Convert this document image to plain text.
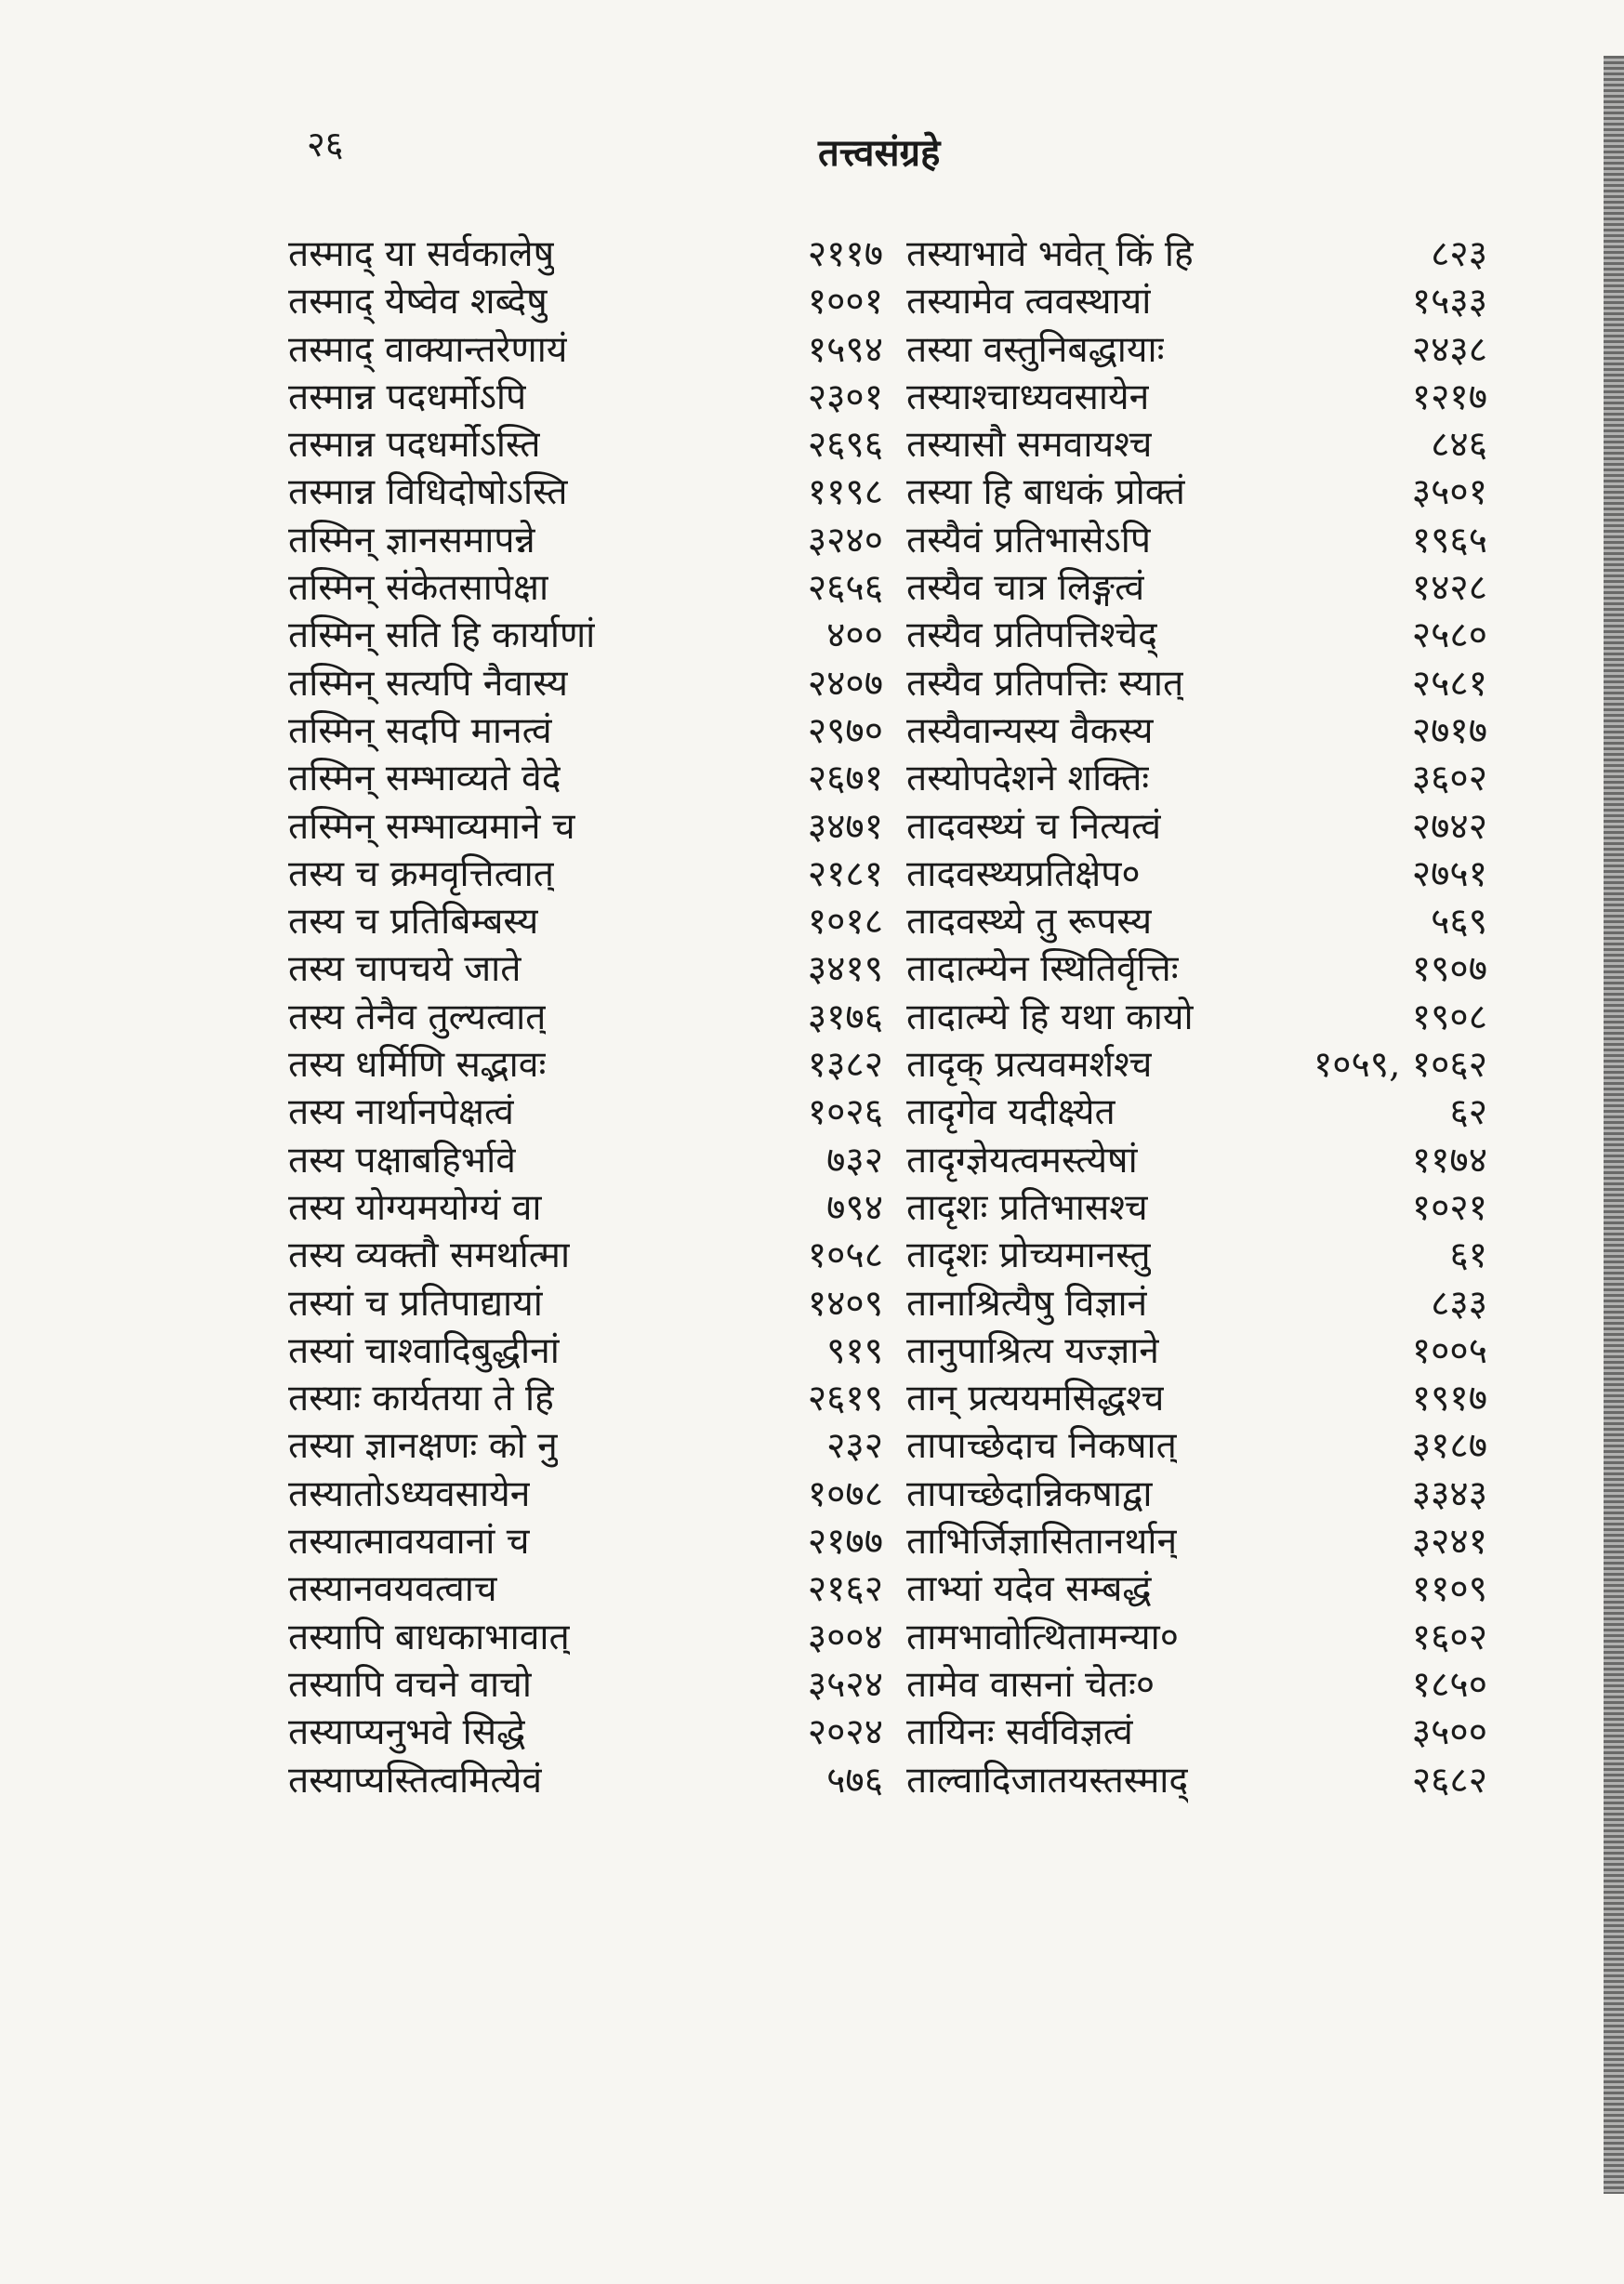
२६	तत्त्वसंग्रहे
तस्माद् या सर्वकालेषु	२११७
तस्माद् येष्वेव शब्देषु	१००१
तस्माद् वाक्यान्तरेणायं	१५९४
तस्मान्न पदधर्मोऽपि	२३०१
तस्मान्न पदधर्मोऽस्ति	२६९६
तस्मान्न विधिदोषोऽस्ति	११९८
तस्मिन् ज्ञानसमापन्ने	३२४०
तस्मिन् संकेतसापेक्षा	२६५६
तस्मिन् सति हि कार्याणां	४००
तस्मिन् सत्यपि नैवास्य	२४०७
तस्मिन् सदपि मानत्वं	२९७०
तस्मिन् सम्भाव्यते वेदे	२६७१
तस्मिन् सम्भाव्यमाने च	३४७१
तस्य च क्रमवृत्तित्वात्	२१८१
तस्य च प्रतिबिम्बस्य	१०१८
तस्य चापचये जाते	३४१९
तस्य तेनैव तुल्यत्वात्	३१७६
तस्य धर्मिणि सद्भावः	१३८२
तस्य नार्थानपेक्षत्वं	१०२६
तस्य पक्षाबहिर्भावे	७३२
तस्य योग्यमयोग्यं वा	७९४
तस्य व्यक्तौ समर्थात्मा	१०५८
तस्यां च प्रतिपाद्यायां	१४०९
तस्यां चाश्वादिबुद्धीनां	९१९
तस्याः कार्यतया ते हि	२६१९
तस्या ज्ञानक्षणः को नु	२३२
तस्यातोऽध्यवसायेन	१०७८
तस्यात्मावयवानां च	२१७७
तस्यानवयवत्वाच	२१६२
तस्यापि बाधकाभावात्	३००४
तस्यापि वचने वाचो	३५२४
तस्याप्यनुभवे सिद्धे	२०२४
तस्याप्यस्तित्वमित्येवं	५७६
तस्याभावे भवेत् किं हि	८२३
तस्यामेव त्ववस्थायां	१५३३
तस्या वस्तुनिबद्धायाः	२४३८
तस्याश्चाध्यवसायेन	१२१७
तस्यासौ समवायश्च	८४६
तस्या हि बाधकं प्रोक्तं	३५०१
तस्यैवं प्रतिभासेऽपि	१९६५
तस्यैव चात्र लिङ्गत्वं	१४२८
तस्यैव प्रतिपत्तिश्चेद्	२५८०
तस्यैव प्रतिपत्तिः स्यात्	२५८१
तस्यैवान्यस्य वैकस्य	२७१७
तस्योपदेशने शक्तिः	३६०२
तादवस्थ्यं च नित्यत्वं	२७४२
तादवस्थ्यप्रतिक्षेप०	२७५१
तादवस्थ्ये तु रूपस्य	५६९
तादात्म्येन स्थितिर्वृत्तिः	१९०७
तादात्म्ये हि यथा कायो	१९०८
तादृक् प्रत्यवमर्शश्च	१०५९, १०६२
तादृगेव यदीक्ष्येत	६२
तादृग्ज्ञेयत्वमस्त्येषां	११७४
तादृशः प्रतिभासश्च	१०२१
तादृशः प्रोच्यमानस्तु	६१
तानाश्रित्यैषु विज्ञानं	८३३
तानुपाश्रित्य यज्ज्ञाने	१००५
तान् प्रत्ययमसिद्धश्च	१९१७
तापाच्छेदाच निकषात्	३१८७
तापाच्छेदान्निकषाद्वा	३३४३
ताभिर्जिज्ञासितानर्थान्	३२४१
ताभ्यां यदेव सम्बद्धं	११०९
तामभावोत्थितामन्या०	१६०२
तामेव वासनां चेतः०	१८५०
तायिनः सर्वविज्ञत्वं	३५००
ताल्वादिजातयस्तस्माद्	२६८२
